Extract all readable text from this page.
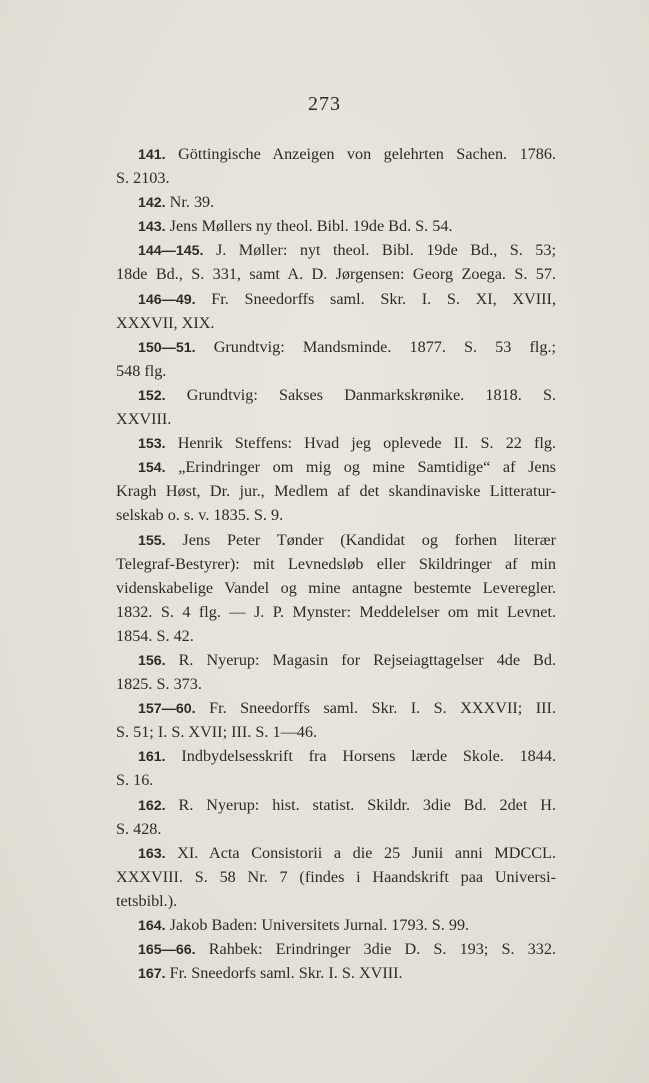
273
141. Göttingische Anzeigen von gelehrten Sachen. 1786.
S. 2103.
142. Nr. 39.
143. Jens Møllers ny theol. Bibl. 19de Bd. S. 54.
144—145. J. Møller: nyt theol. Bibl. 19de Bd., S. 53;
18de Bd., S. 331, samt A. D. Jørgensen: Georg Zoega. S. 57.
146—49. Fr. Sneedorffs saml. Skr. I. S. XI, XVIII,
XXXVII, XIX.
150—51. Grundtvig: Mandsminde. 1877. S. 53 flg.;
548 flg.
152. Grundtvig: Sakses Danmarkskrønike. 1818. S.
XXVIII.
153. Henrik Steffens: Hvad jeg oplevede II. S. 22 flg.
154. „Erindringer om mig og mine Samtidige“ af Jens
Kragh Høst, Dr. jur., Medlem af det skandinaviske Litteratur-
selskab o. s. v. 1835. S. 9.
155. Jens Peter Tønder (Kandidat og forhen literær
Telegraf-Bestyrer): mit Levnedsløb eller Skildringer af min
videnskabelige Vandel og mine antagne bestemte Leveregler.
1832. S. 4 flg. — J. P. Mynster: Meddelelser om mit Levnet.
1854. S. 42.
156. R. Nyerup: Magasin for Rejseiagttagelser 4de Bd.
1825. S. 373.
157—60. Fr. Sneedorffs saml. Skr. I. S. XXXVII; III.
S. 51; I. S. XVII; III. S. 1—46.
161. Indbydelsesskrift fra Horsens lærde Skole. 1844.
S. 16.
162. R. Nyerup: hist. statist. Skildr. 3die Bd. 2det H.
S. 428.
163. XI. Acta Consistorii a die 25 Junii anni MDCCL.
XXXVIII. S. 58 Nr. 7 (findes i Haandskrift paa Universi-
tetsbibl.).
164. Jakob Baden: Universitets Jurnal. 1793. S. 99.
165—66. Rahbek: Erindringer 3die D. S. 193; S. 332.
167. Fr. Sneedorfs saml. Skr. I. S. XVIII.
